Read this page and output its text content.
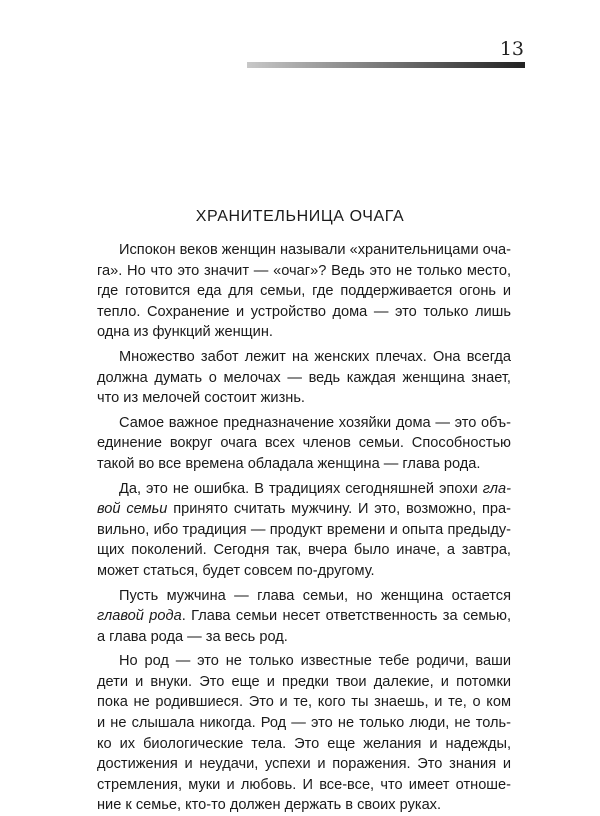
13
ХРАНИТЕЛЬНИЦА ОЧАГА
Испокон веков женщин называли «хранительницами оча-
га». Но что это значит — «очаг»? Ведь это не только место,
где готовится еда для семьи, где поддерживается огонь и
тепло. Сохранение и устройство дома — это только лишь
одна из функций женщин.
Множество забот лежит на женских плечах. Она всегда
должна думать о мелочах — ведь каждая женщина знает,
что из мелочей состоит жизнь.
Самое важное предназначение хозяйки дома — это объ-
единение вокруг очага всех членов семьи. Способностью
такой во все времена обладала женщина — глава рода.
Да, это не ошибка. В традициях сегодняшней эпохи гла-
вой семьи принято считать мужчину. И это, возможно, пра-
вильно, ибо традиция — продукт времени и опыта предыду-
щих поколений. Сегодня так, вчера было иначе, а завтра,
может статься, будет совсем по-другому.
Пусть мужчина — глава семьи, но женщина остается
главой рода. Глава семьи несет ответственность за семью,
а глава рода — за весь род.
Но род — это не только известные тебе родичи, ваши
дети и внуки. Это еще и предки твои далекие, и потомки
пока не родившиеся. Это и те, кого ты знаешь, и те, о ком
и не слышала никогда. Род — это не только люди, не толь-
ко их биологические тела. Это еще желания и надежды,
достижения и неудачи, успехи и поражения. Это знания и
стремления, муки и любовь. И все-все, что имеет отноше-
ние к семье, кто-то должен держать в своих руках.
